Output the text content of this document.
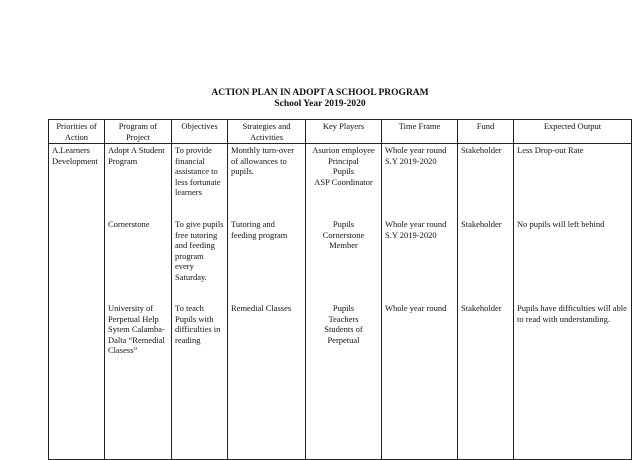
ACTION PLAN IN ADOPT A SCHOOL PROGRAM
School Year 2019-2020
Priorities of Action	Program of Project	Objectives	Strategies and Activities	Key Players	Time Frame	Fund	Expected Output
A.Learners Development	Adopt A Student Program	To provide financial assistance to less fortunate learners	Monthly turn-over of allowances to pupils.	Asurion employee
Principal
Pupils
ASP Coordinator	Whole year round S.Y 2019-2020	Stakeholder	Less Drop-out Rate
	Cornerstone	To give pupils free tutoring and feeding program every Saturday.	Tutoring and feeding program	Pupils
Cornerstone
Member	Whole year round S.Y 2019-2020	Stakeholder	No pupils will left behind
	University of Perpetual Help Sytem Calamba-Dalta “Remedial Clasess”	To teach Pupils with difficulties in reading	Remedial Classes	Pupils
Teachers
Students of
Perpetual	Whole year round	Stakeholder	Pupils have difficulties will able to read with understanding.
